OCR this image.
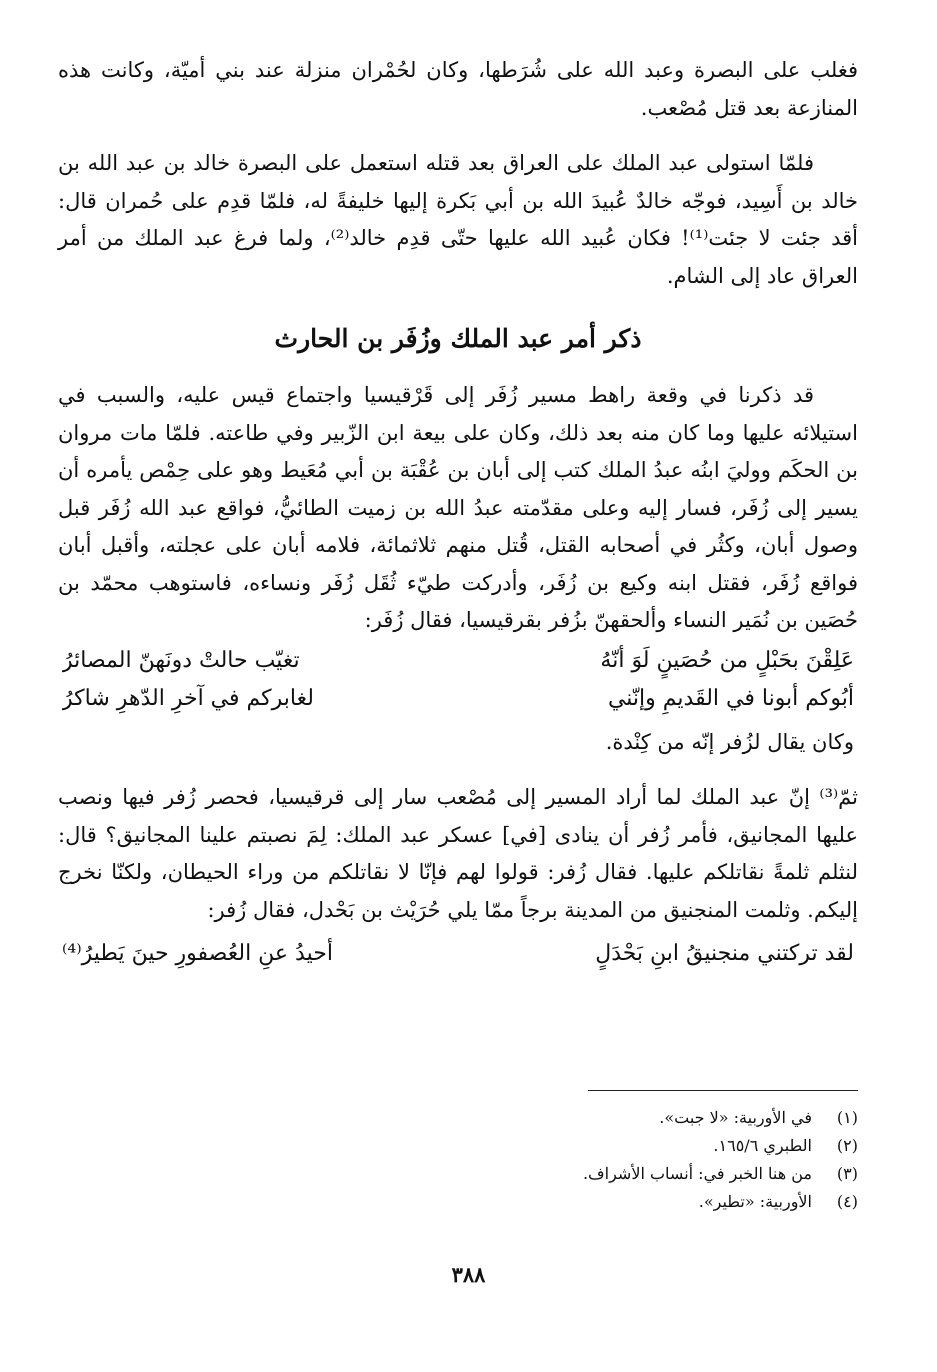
فغلب على البصرة وعبد الله على شُرَطها، وكان لحُمْران منزلة عند بني أميّة، وكانت هذه المنازعة بعد قتل مُصْعب.

فلمّا استولى عبد الملك على العراق بعد قتله استعمل على البصرة خالد بن عبد الله بن خالد بن أَسِيد، فوجّه خالدٌ عُبيدَ الله بن أبي بَكرة إليها خليفةً له، فلمّا قدِم على حُمران قال: أقد جئت لا جئت⁽¹⁾! فكان عُبيد الله عليها حتّى قدِم خالد⁽²⁾، ولما فرغ عبد الملك من أمر العراق عاد إلى الشام.

ذكر أمر عبد الملك وزُفَر بن الحارث

قد ذكرنا في وقعة راهط مسير زُفَر إلى قَرْقيسيا واجتماع قيس عليه، والسبب في استيلائه عليها وما كان منه بعد ذلك، وكان على بيعة ابن الزّبير وفي طاعته. فلمّا مات مروان بن الحكَم ووليَ ابنُه عبدُ الملك كتب إلى أبان بن عُقْبَة بن أبي مُعَيط وهو على حِمْص يأمره أن يسير إلى زُفَر، فسار إليه وعلى مقدّمته عبدُ الله بن زميت الطائيُّ، فواقع عبد الله زُفَر قبل وصول أبان، وكثُر في أصحابه القتل، قُتل منهم ثلاثمائة، فلامه أبان على عجلته، وأقبل أبان فواقع زُفَر، فقتل ابنه وكيع بن زُفَر، وأدركت طيّء ثُقَل زُفَر ونساءه، فاستوهب محمّد بن حُصَين بن نُمَير النساء وألحقهنّ بزُفر بقرقيسيا، فقال زُفَر:

عَلِقْنَ بحَبْلٍ من حُصَينٍ لَوَ أنّهُ
تغيّب حالتْ دونَهنّ المصائرُ
أبُوكم أبونا في القَديمِ وإنّني
لغابركم في آخرِ الدّهرِ شاكرُ
وكان يقال لزُفر إنّه من كِنْدة.

ثمّ⁽³⁾ إنّ عبد الملك لما أراد المسير إلى مُصْعب سار إلى قرقيسيا، فحصر زُفر فيها ونصب عليها المجانيق، فأمر زُفر أن ينادى [في] عسكر عبد الملك: لِمَ نصبتم علينا المجانيق؟ قال: لنثلم ثلمةً نقاتلكم عليها. فقال زُفر: قولوا لهم فإنّا لا نقاتلكم من وراء الحيطان، ولكنّا نخرج إليكم. وثلمت المنجنيق من المدينة برجاً ممّا يلي حُرَيْث بن بَحْدل، فقال زُفر:

لقد تركتني منجنيقُ ابنِ بَحْدَلٍ
أحيدُ عنِ العُصفورِ حينَ يَطيرُ⁽⁴⁾
(١)
في الأوربية: «لا جبت».
(٢)
الطبري ١٦٥/٦.
(٣)
من هنا الخبر في: أنساب الأشراف.
(٤)
الأوربية: «تطير».
٣٨٨
